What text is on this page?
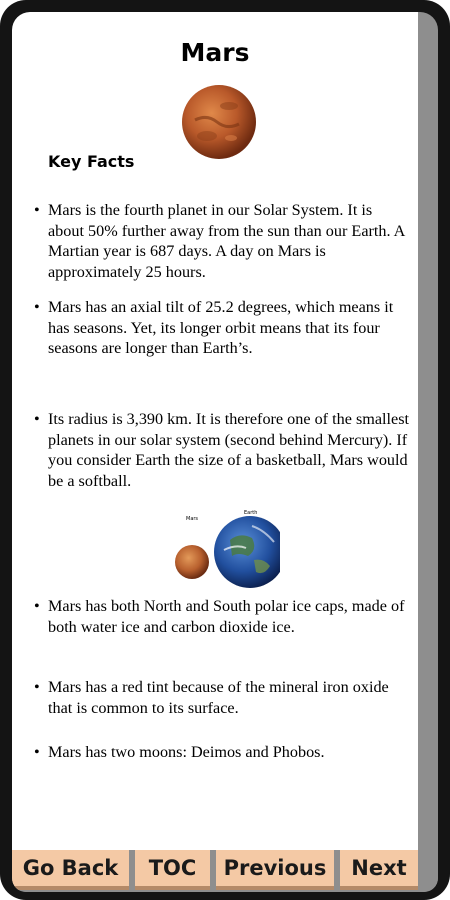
Mars
Key Facts
• Mars is the fourth planet in our Solar System. It is about 50% further away from the sun than our Earth. A Martian year is 687 days. A day on Mars is approximately 25 hours.
• Mars has an axial tilt of 25.2 degrees, which means it has seasons. Yet, its longer orbit means that its four seasons are longer than Earth’s.
• Its radius is 3,390 km. It is therefore one of the smallest planets in our solar system (second behind Mercury). If you consider Earth the size of a basketball, Mars would be a softball.
Mars
Earth
• Mars has both North and South polar ice caps, made of both water ice and carbon dioxide ice.
• Mars has a red tint because of the mineral iron oxide that is common to its surface.
• Mars has two moons: Deimos and Phobos.
Go Back	TOC	Previous	Next
